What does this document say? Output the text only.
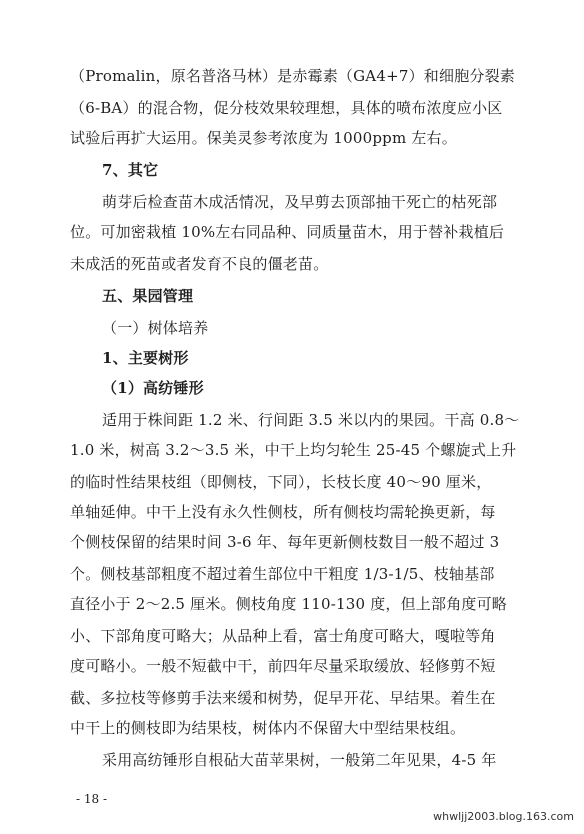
（Promalin，原名普洛马林）是赤霉素（GA4+7）和细胞分裂素
（6-BA）的混合物，促分枝效果较理想，具体的喷布浓度应小区
试验后再扩大运用。保美灵参考浓度为 1000ppm 左右。
7、其它
萌芽后检查苗木成活情况，及早剪去顶部抽干死亡的枯死部
位。可加密栽植 10%左右同品种、同质量苗木，用于替补栽植后
未成活的死苗或者发育不良的僵老苗。
五、果园管理
（一）树体培养
1、主要树形
（1）高纺锤形
适用于株间距 1.2 米、行间距 3.5 米以内的果园。干高 0.8～
1.0 米，树高 3.2～3.5 米，中干上均匀轮生 25-45 个螺旋式上升
的临时性结果枝组（即侧枝，下同），长枝长度 40～90 厘米，
单轴延伸。中干上没有永久性侧枝，所有侧枝均需轮换更新，每
个侧枝保留的结果时间 3-6 年、每年更新侧枝数目一般不超过 3
个。侧枝基部粗度不超过着生部位中干粗度 1/3-1/5、枝轴基部
直径小于 2～2.5 厘米。侧枝角度 110-130 度，但上部角度可略
小、下部角度可略大；从品种上看，富士角度可略大，嘎啦等角
度可略小。一般不短截中干，前四年尽量采取缓放、轻修剪不短
截、多拉枝等修剪手法来缓和树势，促早开花、早结果。着生在
中干上的侧枝即为结果枝，树体内不保留大中型结果枝组。
采用高纺锤形自根砧大苗苹果树，一般第二年见果，4-5 年
- 18 -
whwljj2003.blog.163.com
